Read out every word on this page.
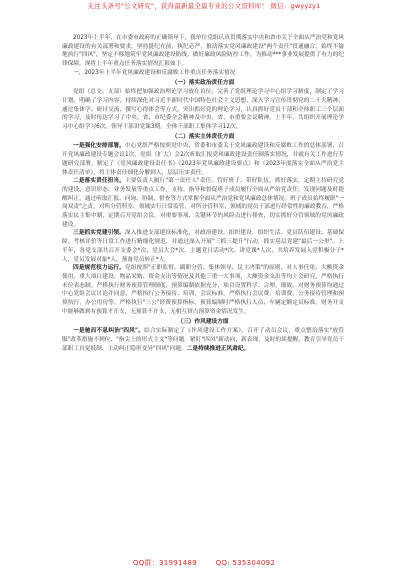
关注头条号"公文研究"，获得最新最全最专业的公文资料库！ 微信：gwyyzy1

2023年上半年，在市委市政府的正确领导下，我单位党组认真贯彻落实中央和省市关于全面从严治党和党风廉政建设的有关部署和要求，坚持挺纪在前，执纪必严，推动落实党风廉政建设"两个责任"贯通融合，始终不渝地执行"四风"，坚定不移地筑牢党风廉政建设防线，做好廉政风险防控工作，为推动***事业发展提供了有力的纪律保障。现将上半年重点任务落实情况汇报如下。

一、2023年上半年党风廉政建设和反腐败工作重点任务落实情况

（一）落实政治责任方面

党组（总支、支部）始终把加强政治理论学习放在首位，完善了党组理论学习中心组学习制度，制定了学习计划，明确了学习内容，持续深化对习近平新时代中国特色社会主义思想，深入学习宣传贯彻党的二十大精神，通过集体学、研讨交流、撰写心得体会等方式，突出抓好党的理论学习，认真抓好党员干部和全体职工三个层面的学习，及时传达学习了中央、省、市纪委全会精神及中央、省、市重要会议精神。上半年，共组织开展理论学习中心组学习6次，领导干部讲党课3期，全体干部职工集体学习12次。

（二）落实主体责任方面

一是强化安排部署。中心党组严格按照党中央、省委和市委关于党风廉政建设和反腐败工作的总体部署，召开党风廉政建设专题会议1次，党组（扩大）会2次听取汇报党风廉政建设责任制落实情况，并就有关工作进行专题研究部署，制定了《党风廉政建设责任书》《2023年党风廉政建设要点》和《2023年度落实全面从严治党主体责任清单》，将主体责任细化分解到人，层层压实责任。

二是落实责任担当。主要负责人履行"第一责任人"责任，管好班子、带好队伍、抓好落实，定期主持研究党的建设、意识形态、业务发展等重点工作，支持、指导和督促班子成员履行全面从严治党责任，发现问题及时提醒纠正，通过听取汇报、问询、协调、督查等方式掌握全面从严治党和党风廉政总体情况。班子成员始终履职"一岗双责"之责，对所分管科室、领域实行日常监管，对所分管科室、领域的党员干部进行经常性的廉政教育，严格落实民主集中制，定期召开党组会议，对重要事项、关键环节的风险点进行排查，切实抓好分管领域的党风廉政建设。

三是抓实党建引领。深入推进支部建设标准化，对政治建设、组织建设、组织生活、党员队伍建设、基础保障、考核评价等日常工作进行精细化规范，并通过深入开展"三抓三提升"行动，抓实基层党建"最后一公里"。上半年，各党支部共召开支委会*次、党员大会*次、主题党日活动*次、讲党课*人次、共培养发展入党积极分子*人，党员发展对象*人，预备党员转正*人。

四是规范权力运行。党组按照"正职监督、副职分管、集体领导、民主决策"的原则，对人事任免、大额资金使用、重大项目建设、物品采购、资金支出等情况及其他三重一大事项，大额资金支出等均上会研究，严格执行末位表态制。严格执行财务预算管理制度，预算编制依据充分，项目设置科学、合理、细致，对财务预算均通过中心党组会议讨论并同意，严格执行公务接待、培训、会议标准，严格执行会议费、培训费、公务接待管理和预算执行，办公用房等，严格执行"三公"经费预算指标，预算编制时严格执行人员、车辆定额定员标准。财务开支中能够做到有预算才开支，无预算不开支，无相互挤占预算资金情况发生。

（三）作风建设方面

一是驰而不息纠治"四风"。结合实际制定了《作风建设工作方案》，召开了动员会议，重点整治落实"放管服"改革措施不到位、"指尖上的形式主义"等问题。紧盯"四风"新动向、新表现，及时的谈提醒，教育引导党员干部职工自觉抵制、主动纠正隐形变异"四风"问题。二是持续推进正风肃纪。

QQ群：31991489	QQ: 535304092
